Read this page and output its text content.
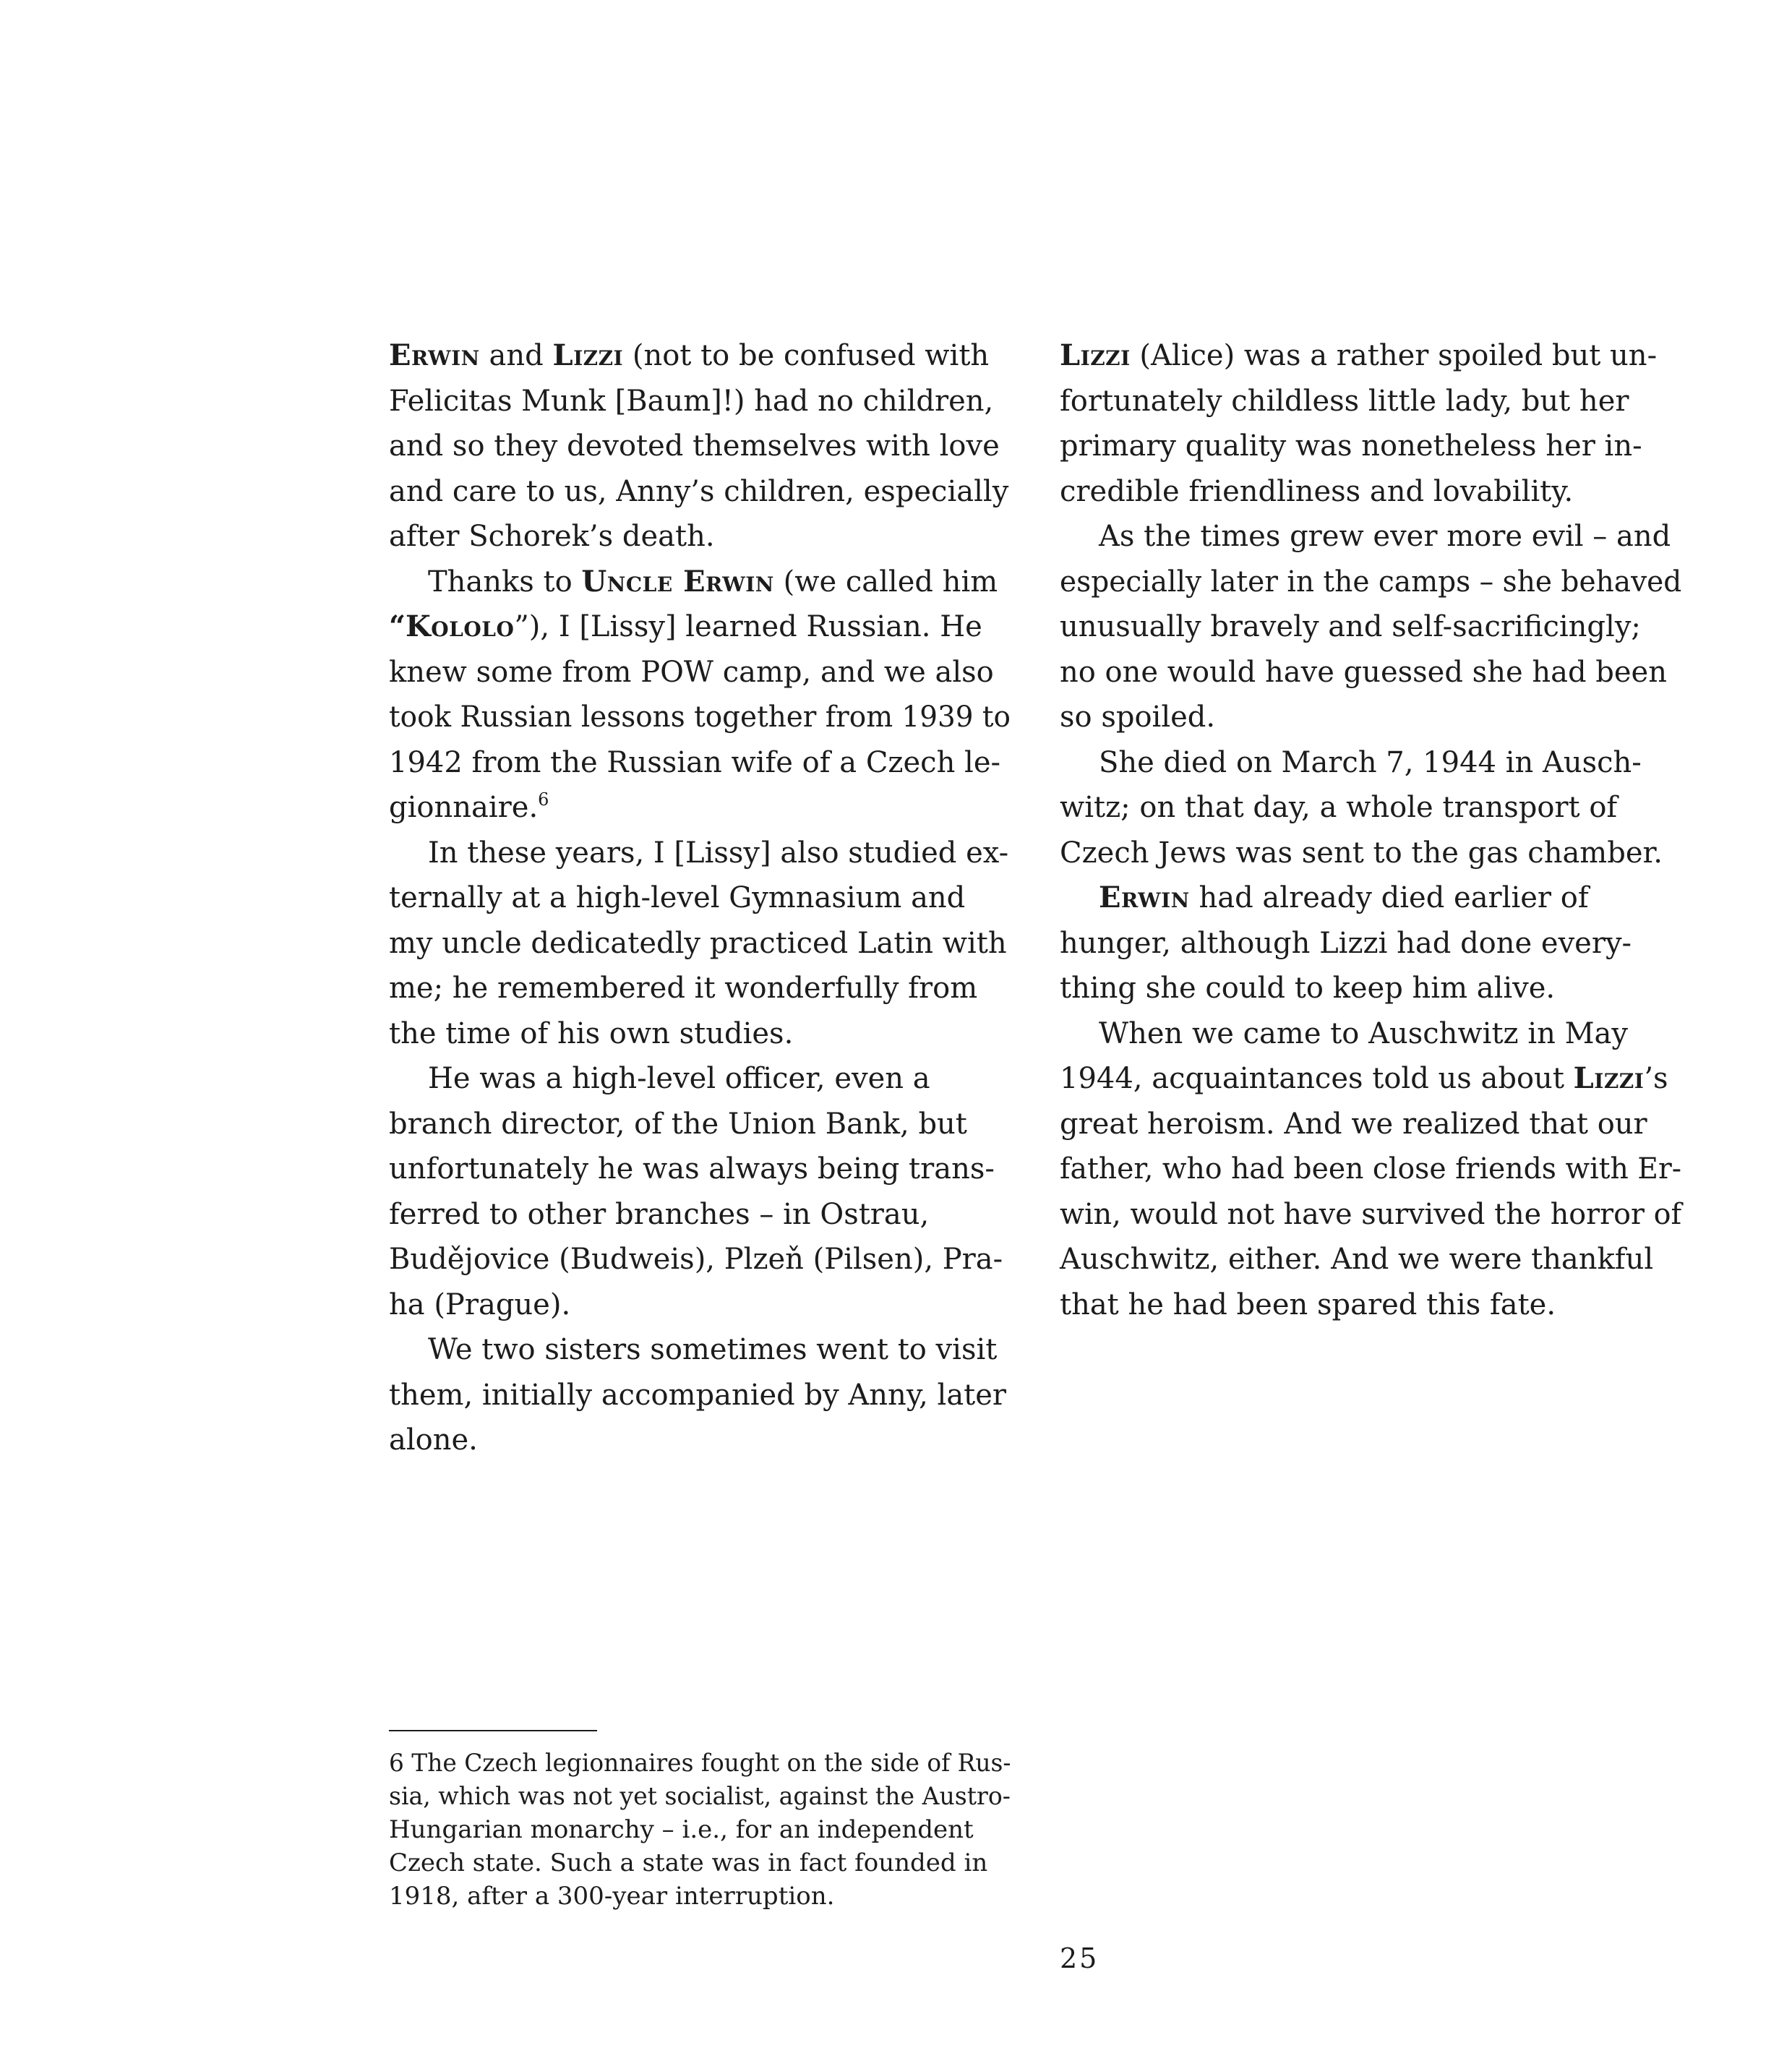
Erwin and Lizzi (not to be confused with
Felicitas Munk [Baum]!) had no children,
and so they devoted themselves with love
and care to us, Anny’s children, especially
after Schorek’s death.
Thanks to Uncle Erwin (we called him
“Kololo”), I [Lissy] learned Russian. He
knew some from POW camp, and we also
took Russian lessons together from 1939 to
1942 from the Russian wife of a Czech le-
gionnaire.$^6$
In these years, I [Lissy] also studied ex-
ternally at a high-level Gymnasium and
my uncle dedicatedly practiced Latin with
me; he remembered it wonderfully from
the time of his own studies.
He was a high-level officer, even a
branch director, of the Union Bank, but
unfortunately he was always being trans-
ferred to other branches – in Ostrau,
Budějovice (Budweis), Plzeň (Pilsen), Pra-
ha (Prague).
We two sisters sometimes went to visit
them, initially accompanied by Anny, later
alone.
Lizzi (Alice) was a rather spoiled but un-
fortunately childless little lady, but her
primary quality was nonetheless her in-
credible friendliness and lovability.
As the times grew ever more evil – and
especially later in the camps – she behaved
unusually bravely and self-sacrificingly;
no one would have guessed she had been
so spoiled.
She died on March 7, 1944 in Ausch-
witz; on that day, a whole transport of
Czech Jews was sent to the gas chamber.
Erwin had already died earlier of
hunger, although Lizzi had done every-
thing she could to keep him alive.
When we came to Auschwitz in May
1944, acquaintances told us about Lizzi’s
great heroism. And we realized that our
father, who had been close friends with Er-
win, would not have survived the horror of
Auschwitz, either. And we were thankful
that he had been spared this fate.
6 The Czech legionnaires fought on the side of Rus-
sia, which was not yet socialist, against the Austro-
Hungarian monarchy – i.e., for an independent
Czech state. Such a state was in fact founded in
1918, after a 300-year interruption.
25
